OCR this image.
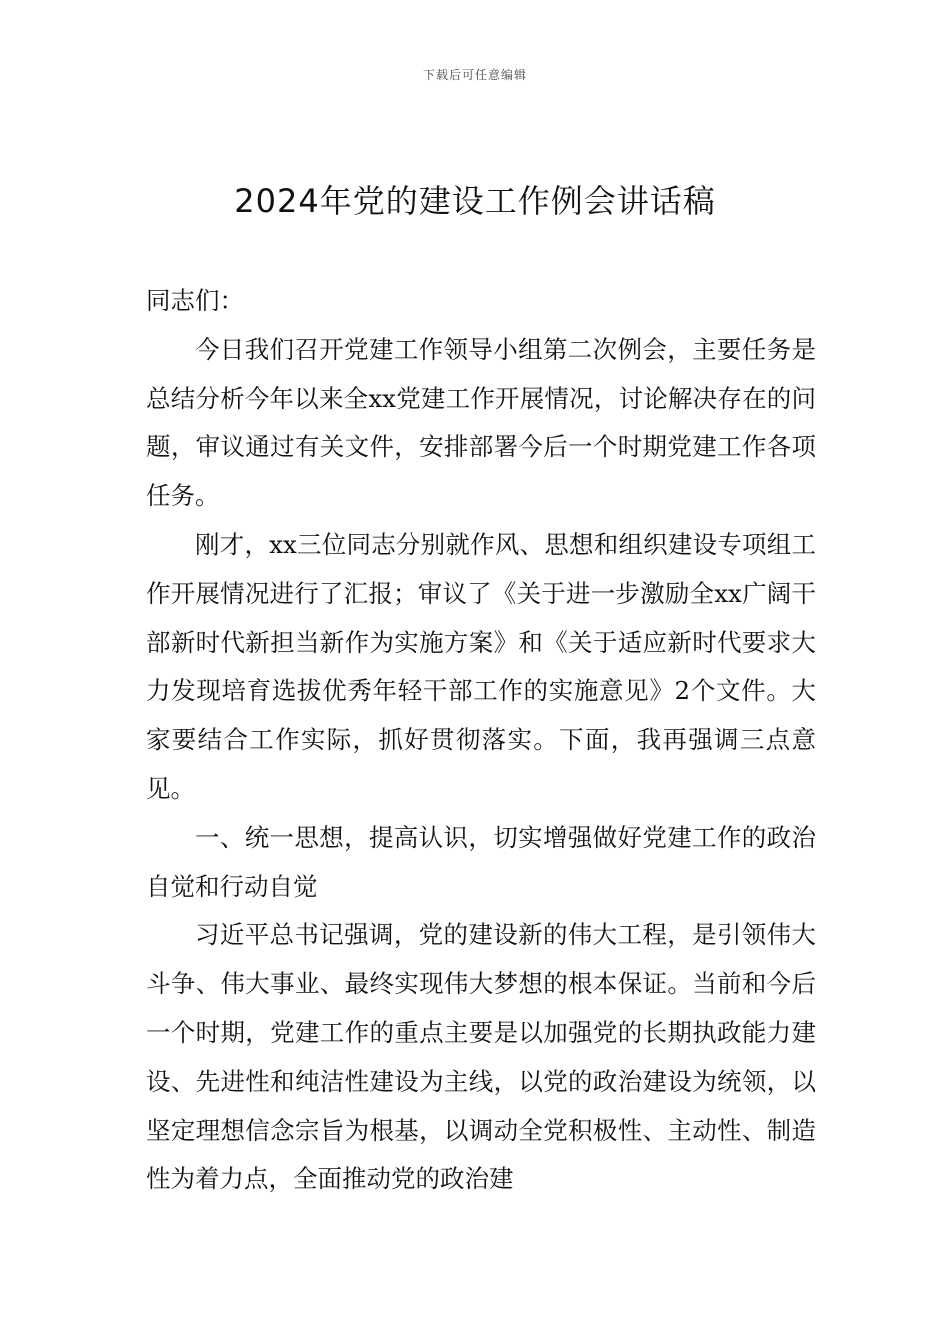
下载后可任意编辑
2024年党的建设工作例会讲话稿

同志们：

今日我们召开党建工作领导小组第二次例会，主要任务是总结分析今年以来全xx党建工作开展情况，讨论解决存在的问题，审议通过有关文件，安排部署今后一个时期党建工作各项任务。

刚才，xx三位同志分别就作风、思想和组织建设专项组工作开展情况进行了汇报；审议了《关于进一步激励全xx广阔干部新时代新担当新作为实施方案》和《关于适应新时代要求大力发现培育选拔优秀年轻干部工作的实施意见》2个文件。大家要结合工作实际，抓好贯彻落实。下面，我再强调三点意见。

一、统一思想，提高认识，切实增强做好党建工作的政治自觉和行动自觉

习近平总书记强调，党的建设新的伟大工程，是引领伟大斗争、伟大事业、最终实现伟大梦想的根本保证。当前和今后一个时期，党建工作的重点主要是以加强党的长期执政能力建设、先进性和纯洁性建设为主线，以党的政治建设为统领，以坚定理想信念宗旨为根基，以调动全党积极性、主动性、制造性为着力点，全面推动党的政治建
